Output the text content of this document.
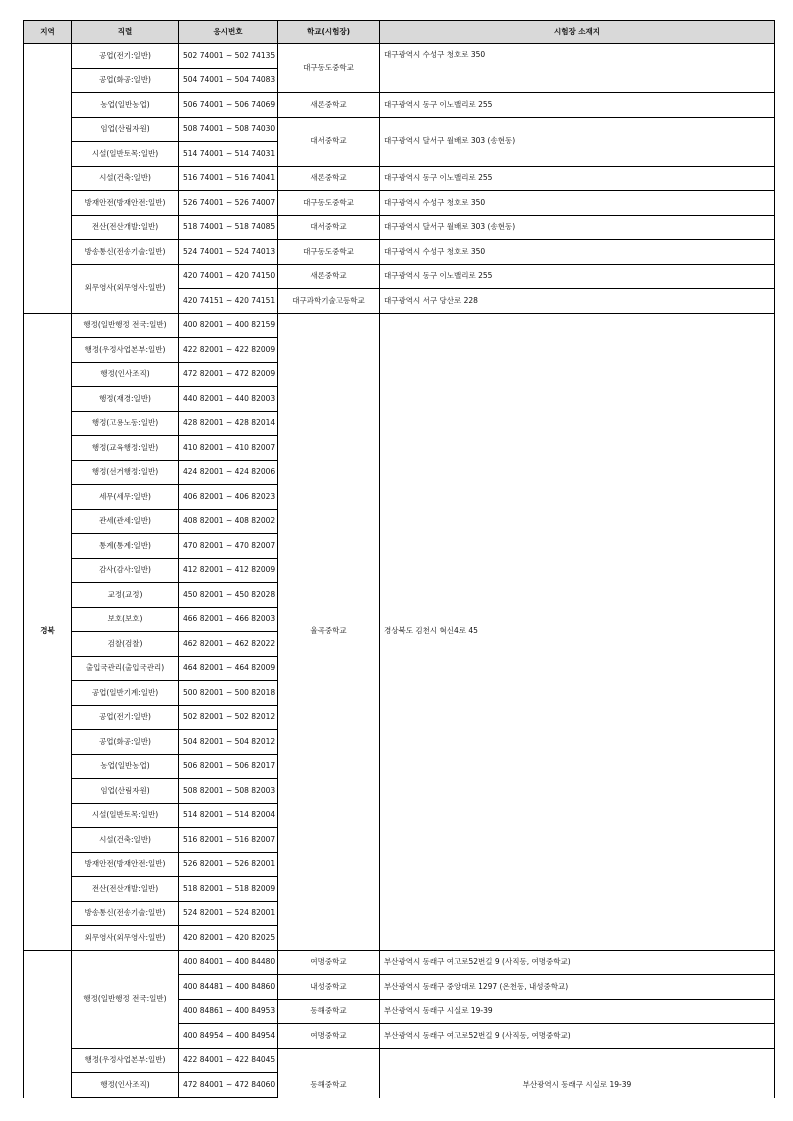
지역	직렬	응시번호	학교(시험장)	시험장 소재지
	공업(전기:일반)	502 74001 ~ 502 74135	대구동도중학교	대구광역시 수성구 청호로 350
	공업(화공:일반)	504 74001 ~ 504 74083		
	농업(일반농업)	506 74001 ~ 506 74069	새론중학교	대구광역시 동구 이노밸리로 255
	임업(산림자원)	508 74001 ~ 508 74030	대서중학교	대구광역시 달서구 월배로 303 (송현동)
	시설(일반토목:일반)	514 74001 ~ 514 74031		
	시설(건축:일반)	516 74001 ~ 516 74041	새론중학교	대구광역시 동구 이노밸리로 255
	방재안전(방재안전:일반)	526 74001 ~ 526 74007	대구동도중학교	대구광역시 수성구 청호로 350
	전산(전산개발:일반)	518 74001 ~ 518 74085	대서중학교	대구광역시 달서구 월배로 303 (송현동)
	방송통신(전송기술:일반)	524 74001 ~ 524 74013	대구동도중학교	대구광역시 수성구 청호로 350
	외무영사(외무영사:일반)	420 74001 ~ 420 74150	새론중학교	대구광역시 동구 이노밸리로 255
		420 74151 ~ 420 74151	대구과학기술고등학교	대구광역시 서구 당산로 228
경북	행정(일반행정 전국:일반)	400 82001 ~ 400 82159	율곡중학교	경상북도 김천시 혁신4로 45
	행정(우정사업본부:일반)	422 82001 ~ 422 82009		
	행정(인사조직)	472 82001 ~ 472 82009		
	행정(재경:일반)	440 82001 ~ 440 82003		
	행정(고용노동:일반)	428 82001 ~ 428 82014		
	행정(교육행정:일반)	410 82001 ~ 410 82007		
	행정(선거행정:일반)	424 82001 ~ 424 82006		
	세무(세무:일반)	406 82001 ~ 406 82023		
	관세(관세:일반)	408 82001 ~ 408 82002		
	통계(통계:일반)	470 82001 ~ 470 82007		
	감사(감사:일반)	412 82001 ~ 412 82009		
	교정(교정)	450 82001 ~ 450 82028		
	보호(보호)	466 82001 ~ 466 82003		
	검찰(검찰)	462 82001 ~ 462 82022		
	출입국관리(출입국관리)	464 82001 ~ 464 82009		
	공업(일반기계:일반)	500 82001 ~ 500 82018		
	공업(전기:일반)	502 82001 ~ 502 82012		
	공업(화공:일반)	504 82001 ~ 504 82012		
	농업(일반농업)	506 82001 ~ 506 82017		
	임업(산림자원)	508 82001 ~ 508 82003		
	시설(일반토목:일반)	514 82001 ~ 514 82004		
	시설(건축:일반)	516 82001 ~ 516 82007		
	방재안전(방재안전:일반)	526 82001 ~ 526 82001		
	전산(전산개발:일반)	518 82001 ~ 518 82009		
	방송통신(전송기술:일반)	524 82001 ~ 524 82001		
	외무영사(외무영사:일반)	420 82001 ~ 420 82025		
	행정(일반행정 전국:일반)	400 84001 ~ 400 84480	여명중학교	부산광역시 동래구 여고로52번길 9 (사직동, 여명중학교)
		400 84481 ~ 400 84860	내성중학교	부산광역시 동래구 중앙대로 1297 (온천동, 내성중학교)
		400 84861 ~ 400 84953	동해중학교	부산광역시 동래구 시실로 19-39
		400 84954 ~ 400 84954	여명중학교	부산광역시 동래구 여고로52번길 9 (사직동, 여명중학교)
	행정(우정사업본부:일반)	422 84001 ~ 422 84045	동해중학교	부산광역시 동래구 시실로 19-39
	행정(인사조직)	472 84001 ~ 472 84060		
